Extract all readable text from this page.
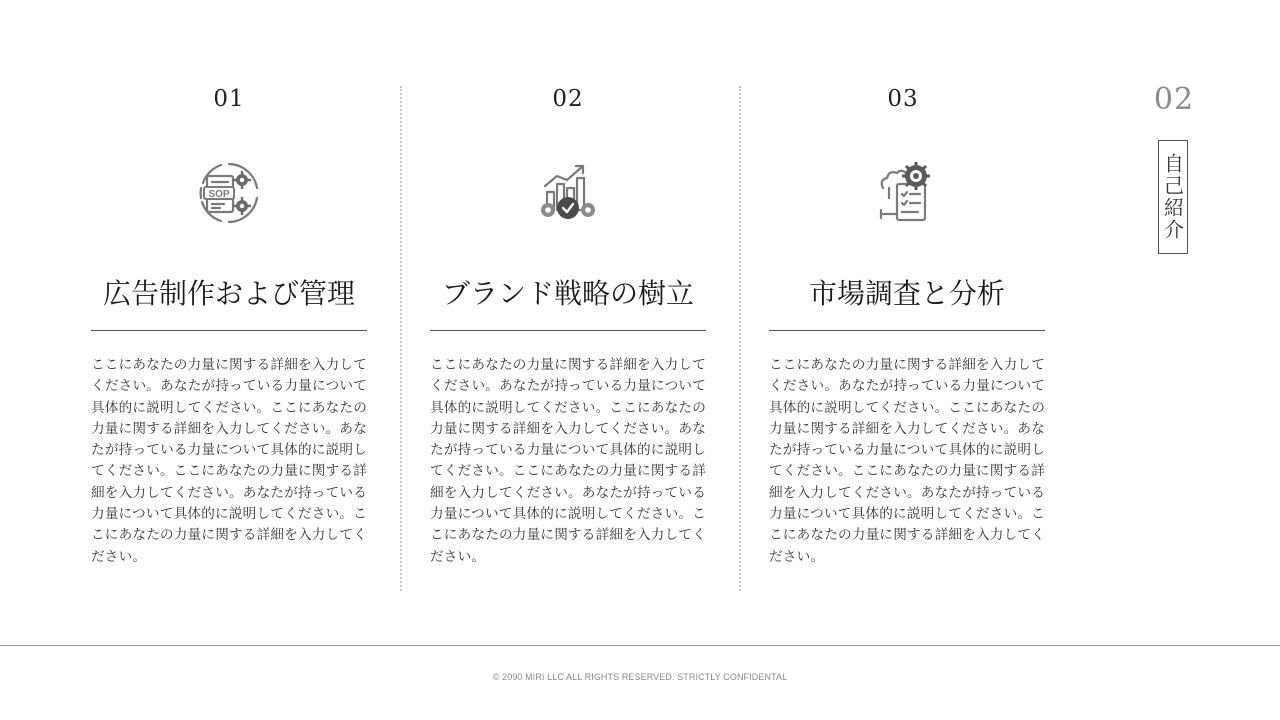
01
SOP
広告制作および管理
ここにあなたの力量に関する詳細を入力してください。あなたが持っている力量について具体的に説明してください。ここにあなたの力量に関する詳細を入力してください。あなたが持っている力量について具体的に説明してください。ここにあなたの力量に関する詳細を入力してください。あなたが持っている力量について具体的に説明してください。ここにあなたの力量に関する詳細を入力してください。
02
ブランド戦略の樹立
ここにあなたの力量に関する詳細を入力してください。あなたが持っている力量について具体的に説明してください。ここにあなたの力量に関する詳細を入力してください。あなたが持っている力量について具体的に説明してください。ここにあなたの力量に関する詳細を入力してください。あなたが持っている力量について具体的に説明してください。ここにあなたの力量に関する詳細を入力してください。
03
市場調査と分析
ここにあなたの力量に関する詳細を入力してください。あなたが持っている力量について具体的に説明してください。ここにあなたの力量に関する詳細を入力してください。あなたが持っている力量について具体的に説明してください。ここにあなたの力量に関する詳細を入力してください。あなたが持っている力量について具体的に説明してください。ここにあなたの力量に関する詳細を入力してください。
02
自己紹介
© 2090 MIRI LLC ALL RIGHTS RESERVED. STRICTLY CONFIDENTAL
